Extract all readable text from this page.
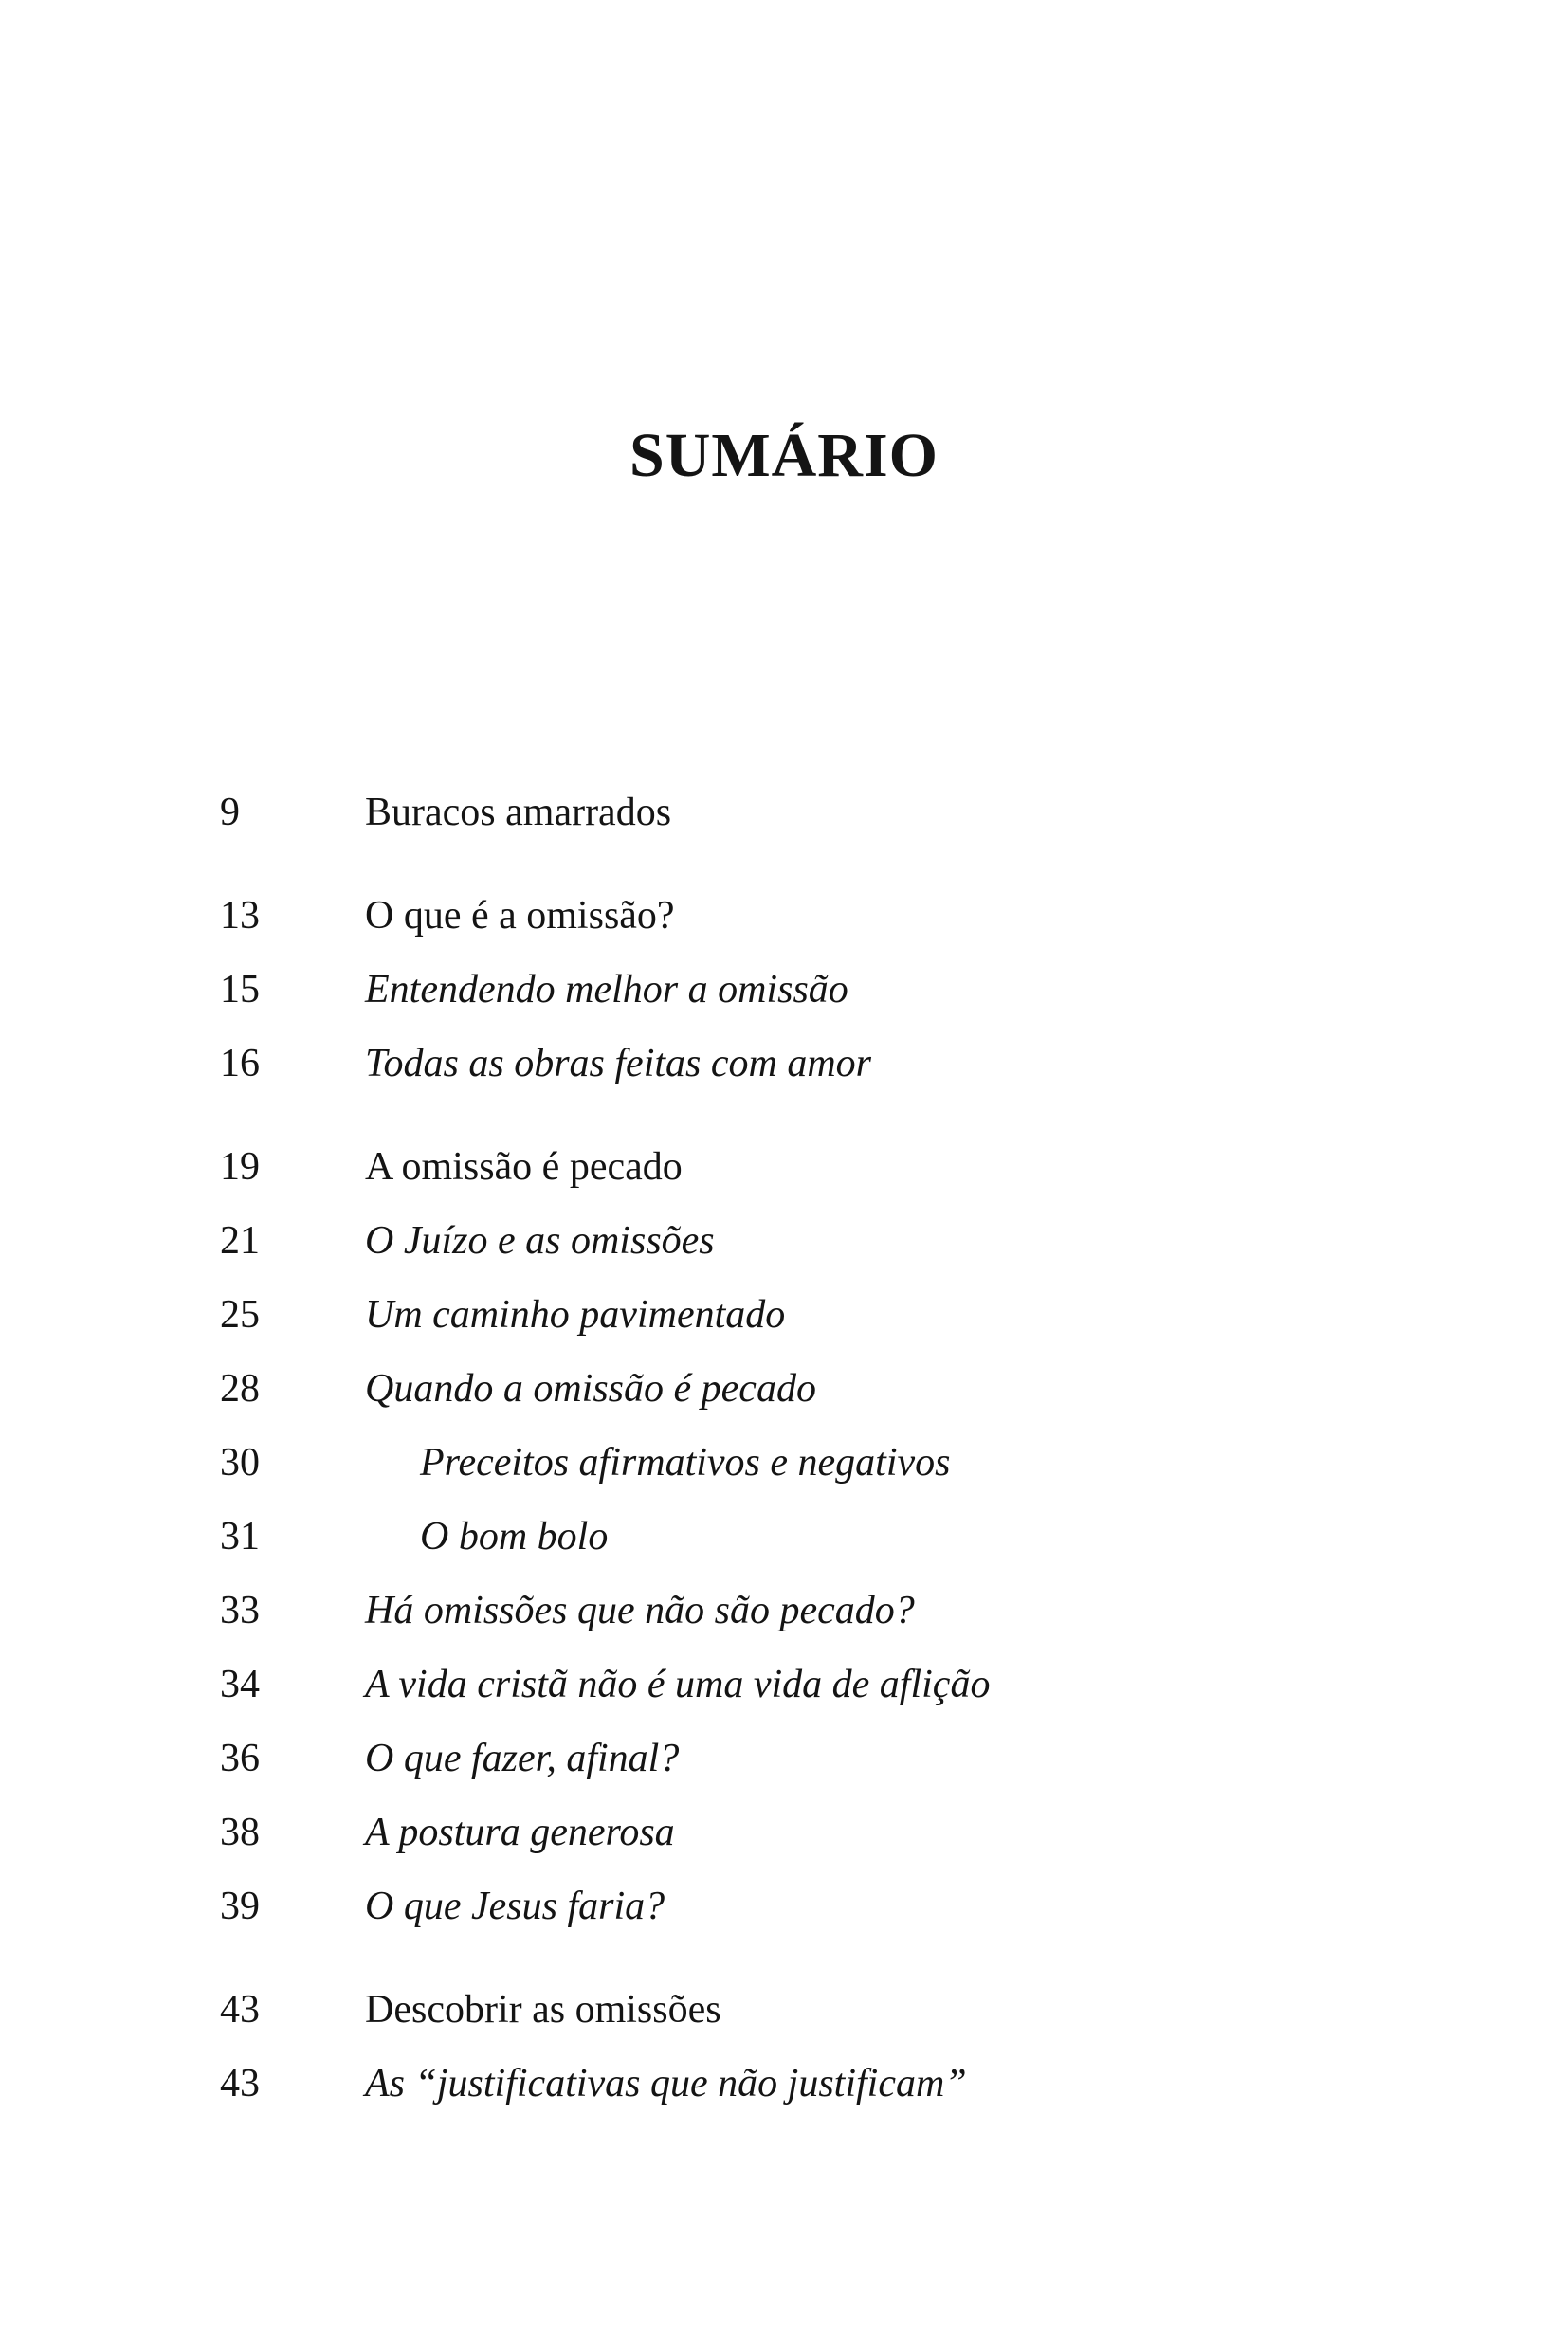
SUMÁRIO
9	Buracos amarrados
13	O que é a omissão?
15	Entendendo melhor a omissão
16	Todas as obras feitas com amor
19	A omissão é pecado
21	O Juízo e as omissões
25	Um caminho pavimentado
28	Quando a omissão é pecado
30	Preceitos afirmativos e negativos
31	O bom bolo
33	Há omissões que não são pecado?
34	A vida cristã não é uma vida de aflição
36	O que fazer, afinal?
38	A postura generosa
39	O que Jesus faria?
43	Descobrir as omissões
43	As “justificativas que não justificam”
